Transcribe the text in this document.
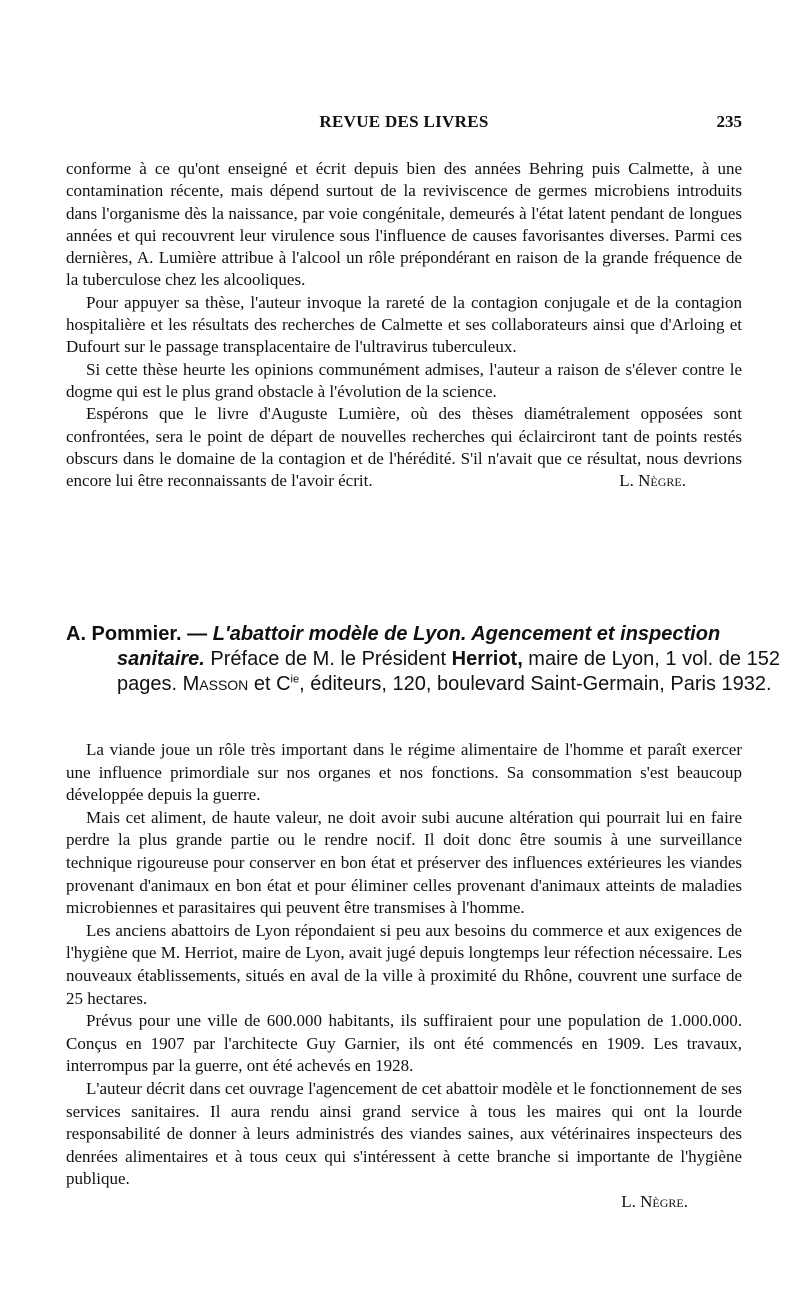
REVUE DES LIVRES	235

conforme à ce qu'ont enseigné et écrit depuis bien des années Behring puis Calmette, à une contamination récente, mais dépend surtout de la reviviscence de germes microbiens introduits dans l'organisme dès la naissance, par voie congénitale, demeurés à l'état latent pendant de longues années et qui recouvrent leur virulence sous l'influence de causes favorisantes diverses. Parmi ces dernières, A. Lumière attribue à l'alcool un rôle prépondérant en raison de la grande fréquence de la tuberculose chez les alcooliques.

Pour appuyer sa thèse, l'auteur invoque la rareté de la contagion conjugale et de la contagion hospitalière et les résultats des recherches de Calmette et ses collaborateurs ainsi que d'Arloing et Dufourt sur le passage transplacentaire de l'ultravirus tuberculeux.

Si cette thèse heurte les opinions communément admises, l'auteur a raison de s'élever contre le dogme qui est le plus grand obstacle à l'évolution de la science.

Espérons que le livre d'Auguste Lumière, où des thèses diamétralement opposées sont confrontées, sera le point de départ de nouvelles recherches qui éclairciront tant de points restés obscurs dans le domaine de la contagion et de l'hérédité. S'il n'avait que ce résultat, nous devrions encore lui être reconnaissants de l'avoir écrit.	L. Nègre.

A. Pommier. — L'abattoir modèle de Lyon. Agencement et inspection sanitaire. Préface de M. le Président Herriot, maire de Lyon, 1 vol. de 152 pages. Masson et $C^{ie}$, éditeurs, 120, boulevard Saint-Germain, Paris 1932.

La viande joue un rôle très important dans le régime alimentaire de l'homme et paraît exercer une influence primordiale sur nos organes et nos fonctions. Sa consommation s'est beaucoup développée depuis la guerre.

Mais cet aliment, de haute valeur, ne doit avoir subi aucune altération qui pourrait lui en faire perdre la plus grande partie ou le rendre nocif. Il doit donc être soumis à une surveillance technique rigoureuse pour conserver en bon état et préserver des influences extérieures les viandes provenant d'animaux en bon état et pour éliminer celles provenant d'animaux atteints de maladies microbiennes et parasitaires qui peuvent être transmises à l'homme.

Les anciens abattoirs de Lyon répondaient si peu aux besoins du commerce et aux exigences de l'hygiène que M. Herriot, maire de Lyon, avait jugé depuis longtemps leur réfection nécessaire. Les nouveaux établissements, situés en aval de la ville à proximité du Rhône, couvrent une surface de 25 hectares.

Prévus pour une ville de 600.000 habitants, ils suffiraient pour une population de 1.000.000. Conçus en 1907 par l'architecte Guy Garnier, ils ont été commencés en 1909. Les travaux, interrompus par la guerre, ont été achevés en 1928.

L'auteur décrit dans cet ouvrage l'agencement de cet abattoir modèle et le fonctionnement de ses services sanitaires. Il aura rendu ainsi grand service à tous les maires qui ont la lourde responsabilité de donner à leurs administrés des viandes saines, aux vétérinaires inspecteurs des denrées alimentaires et à tous ceux qui s'intéressent à cette branche si importante de l'hygiène publique.

L. Nègre.
